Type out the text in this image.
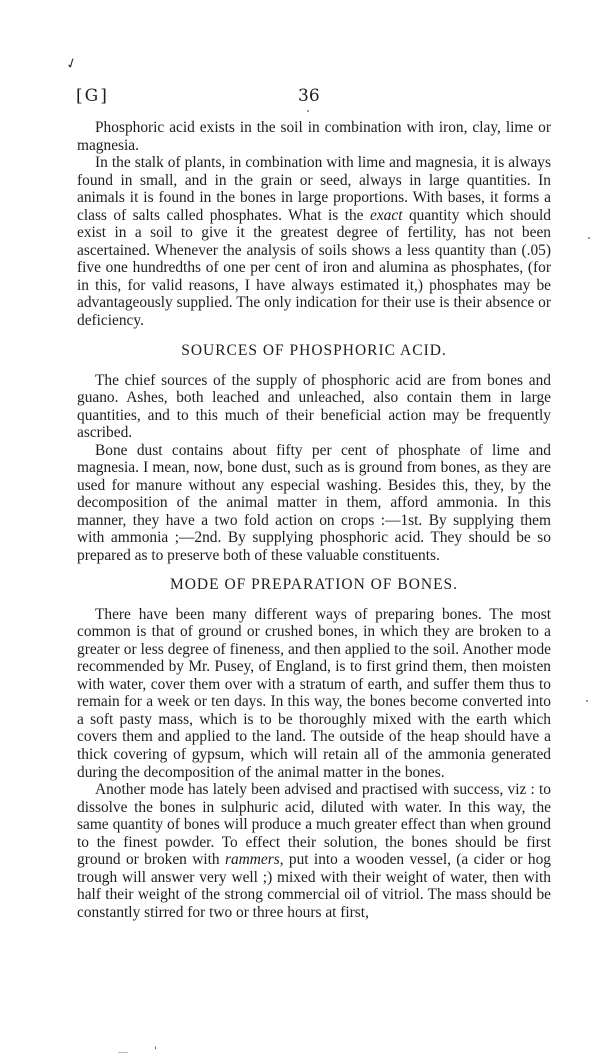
✓
[G]	36

Phosphoric acid exists in the soil in combination with iron, clay, lime or magnesia.

In the stalk of plants, in combination with lime and magnesia, it is always found in small, and in the grain or seed, always in large quantities. In animals it is found in the bones in large proportions. With bases, it forms a class of salts called phosphates. What is the exact quantity which should exist in a soil to give it the greatest degree of fertility, has not been ascertained. Whenever the analysis of soils shows a less quantity than (.05) five one hundredths of one per cent of iron and alumina as phosphates, (for in this, for valid reasons, I have always estimated it,) phosphates may be advantageously supplied. The only indication for their use is their absence or deficiency.

SOURCES OF PHOSPHORIC ACID.

The chief sources of the supply of phosphoric acid are from bones and guano. Ashes, both leached and unleached, also contain them in large quantities, and to this much of their beneficial action may be frequently ascribed.

Bone dust contains about fifty per cent of phosphate of lime and magnesia. I mean, now, bone dust, such as is ground from bones, as they are used for manure without any especial washing. Besides this, they, by the decomposition of the animal matter in them, afford ammonia. In this manner, they have a two fold action on crops :—1st. By supplying them with ammonia ;—2nd. By supplying phosphoric acid. They should be so prepared as to preserve both of these valuable constituents.

MODE OF PREPARATION OF BONES.

There have been many different ways of preparing bones. The most common is that of ground or crushed bones, in which they are broken to a greater or less degree of fineness, and then applied to the soil. Another mode recommended by Mr. Pusey, of England, is to first grind them, then moisten with water, cover them over with a stratum of earth, and suffer them thus to remain for a week or ten days. In this way, the bones become converted into a soft pasty mass, which is to be thoroughly mixed with the earth which covers them and applied to the land. The outside of the heap should have a thick covering of gypsum, which will retain all of the ammonia generated during the decomposition of the animal matter in the bones.

Another mode has lately been advised and practised with success, viz : to dissolve the bones in sulphuric acid, diluted with water. In this way, the same quantity of bones will produce a much greater effect than when ground to the finest powder. To effect their solution, the bones should be first ground or broken with rammers, put into a wooden vessel, (a cider or hog trough will answer very well ;) mixed with their weight of water, then with half their weight of the strong commercial oil of vitriol. The mass should be constantly stirred for two or three hours at first,

'
